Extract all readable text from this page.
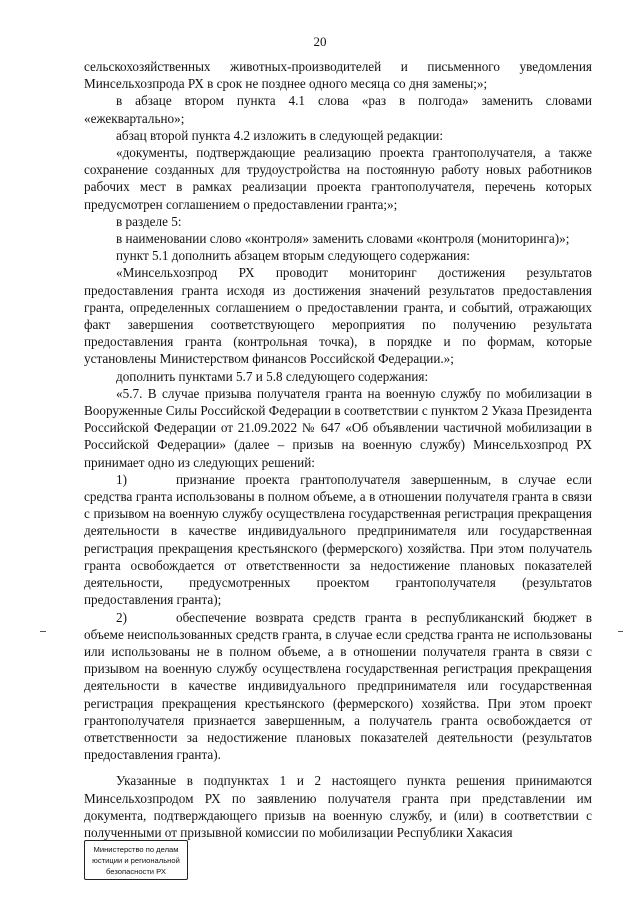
20

сельскохозяйственных животных-производителей и письменного уведомления Минсельхозпрода РХ в срок не позднее одного месяца со дня замены;»;

в абзаце втором пункта 4.1 слова «раз в полгода» заменить словами «ежеквартально»;

абзац второй пункта 4.2 изложить в следующей редакции:

«документы, подтверждающие реализацию проекта грантополучателя, а также сохранение созданных для трудоустройства на постоянную работу новых работников рабочих мест в рамках реализации проекта грантополучателя, перечень которых предусмотрен соглашением о предоставлении гранта;»;

в разделе 5:

в наименовании слово «контроля» заменить словами «контроля (мониторинга)»;

пункт 5.1 дополнить абзацем вторым следующего содержания:

«Минсельхозпрод РХ проводит мониторинг достижения результатов предоставления гранта исходя из достижения значений результатов предоставления гранта, определенных соглашением о предоставлении гранта, и событий, отражающих факт завершения соответствующего мероприятия по получению результата предоставления гранта (контрольная точка), в порядке и по формам, которые установлены Министерством финансов Российской Федерации.»;

дополнить пунктами 5.7 и 5.8 следующего содержания:

«5.7. В случае призыва получателя гранта на военную службу по мобилизации в Вооруженные Силы Российской Федерации в соответствии с пунктом 2 Указа Президента Российской Федерации от 21.09.2022 № 647 «Об объявлении частичной мобилизации в Российской Федерации» (далее – призыв на военную службу) Минсельхозпрод РХ принимает одно из следующих решений:

1)	признание проекта грантополучателя завершенным, в случае если средства гранта использованы в полном объеме, а в отношении получателя гранта в связи с призывом на военную службу осуществлена государственная регистрация прекращения деятельности в качестве индивидуального предпринимателя или государственная регистрация прекращения крестьянского (фермерского) хозяйства. При этом получатель гранта освобождается от ответственности за недостижение плановых показателей деятельности, предусмотренных проектом грантополучателя (результатов предоставления гранта);

2)	обеспечение возврата средств гранта в республиканский бюджет в объеме неиспользованных средств гранта, в случае если средства гранта не использованы или использованы не в полном объеме, а в отношении получателя гранта в связи с призывом на военную службу осуществлена государственная регистрация прекращения деятельности в качестве индивидуального предпринимателя или государственная регистрация прекращения крестьянского (фермерского) хозяйства. При этом проект грантополучателя признается завершенным, а получатель гранта освобождается от ответственности за недостижение плановых показателей деятельности (результатов предоставления гранта).

Указанные в подпунктах 1 и 2 настоящего пункта решения принимаются Минсельхозпродом РХ по заявлению получателя гранта при представлении им документа, подтверждающего призыв на военную службу, и (или) в соответствии с полученными от призывной комиссии по мобилизации Республики Хакасия

Министерство по делам
юстиции и региональной
безопасности РХ
